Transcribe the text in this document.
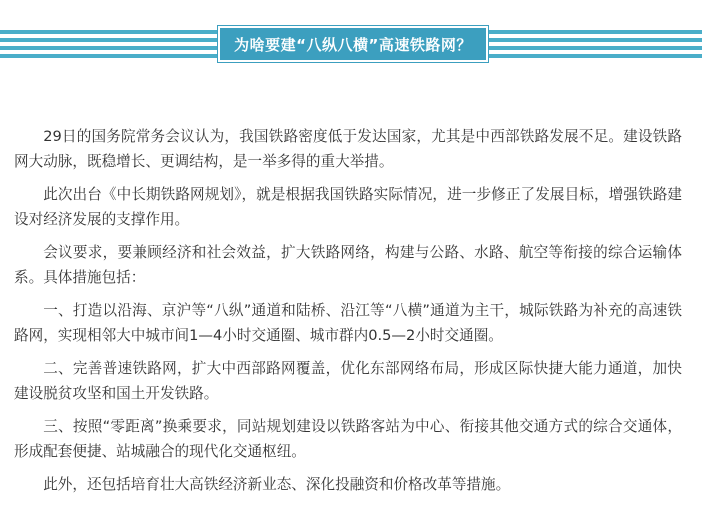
为啥要建“八纵八横”高速铁路网？

29日的国务院常务会议认为，我国铁路密度低于发达国家，尤其是中西部铁路发展不足。建设铁路网大动脉，既稳增长、更调结构，是一举多得的重大举措。

此次出台《中长期铁路网规划》，就是根据我国铁路实际情况，进一步修正了发展目标，增强铁路建设对经济发展的支撑作用。

会议要求，要兼顾经济和社会效益，扩大铁路网络，构建与公路、水路、航空等衔接的综合运输体系。具体措施包括：

一、打造以沿海、京沪等“八纵”通道和陆桥、沿江等“八横”通道为主干，城际铁路为补充的高速铁路网，实现相邻大中城市间1—4小时交通圈、城市群内0.5—2小时交通圈。

二、完善普速铁路网，扩大中西部路网覆盖，优化东部网络布局，形成区际快捷大能力通道，加快建设脱贫攻坚和国土开发铁路。

三、按照“零距离”换乘要求，同站规划建设以铁路客站为中心、衔接其他交通方式的综合交通体，形成配套便捷、站城融合的现代化交通枢纽。

此外，还包括培育壮大高铁经济新业态、深化投融资和价格改革等措施。
